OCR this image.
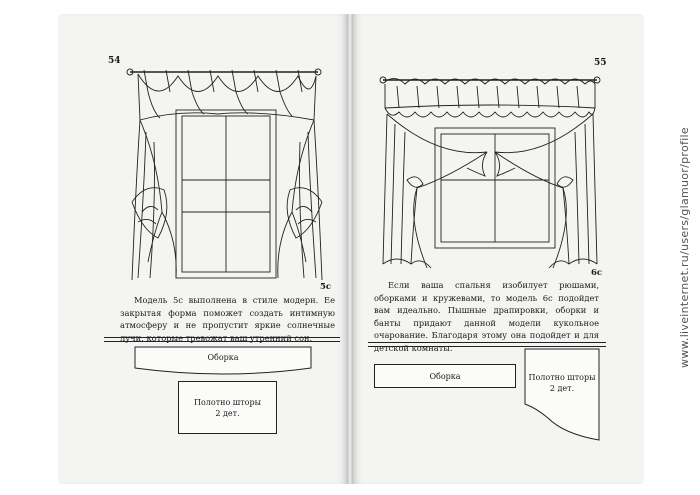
54
5с
Модель 5с выполнена в стиле модерн. Ее закрытая форма поможет создать интимную атмосферу и не пропустит яркие солнечные лучи, которые тревожат ваш утренний сон.
Оборка
Полотно шторы
2 дет.
55
6с
Если ваша спальня изобилует рюшами, оборками и кружевами, то модель 6с подойдет вам идеально. Пышные драпировки, оборки и банты придают данной модели кукольное очарование. Благодаря этому она подойдет и для детской комнаты.
Оборка	Полотно шторы
2 дет.
www.liveinternet.ru/users/glamuor/profile
